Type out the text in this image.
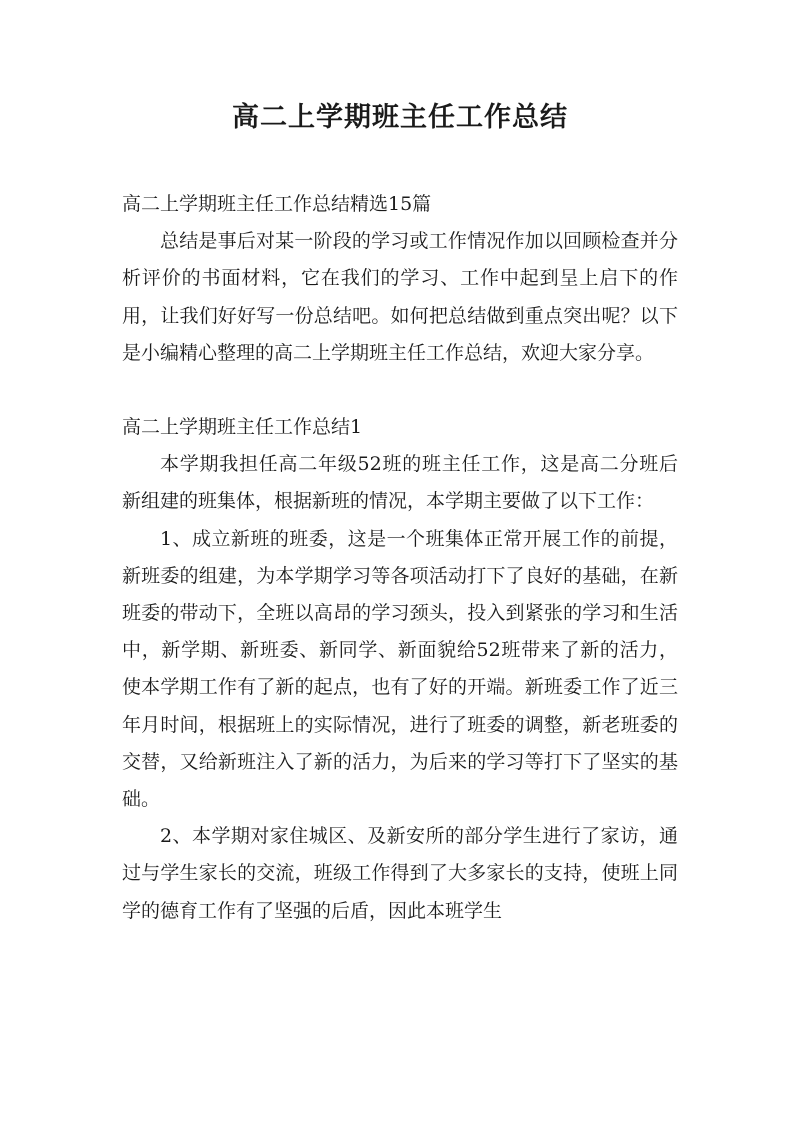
高二上学期班主任工作总结

高二上学期班主任工作总结精选15篇

总结是事后对某一阶段的学习或工作情况作加以回顾检查并分析评价的书面材料，它在我们的学习、工作中起到呈上启下的作用，让我们好好写一份总结吧。如何把总结做到重点突出呢？以下是小编精心整理的高二上学期班主任工作总结，欢迎大家分享。

高二上学期班主任工作总结1

本学期我担任高二年级52班的班主任工作，这是高二分班后新组建的班集体，根据新班的情况，本学期主要做了以下工作：

1、成立新班的班委，这是一个班集体正常开展工作的前提，新班委的组建，为本学期学习等各项活动打下了良好的基础，在新班委的带动下，全班以高昂的学习颈头，投入到紧张的学习和生活中，新学期、新班委、新同学、新面貌给52班带来了新的活力，使本学期工作有了新的起点，也有了好的开端。新班委工作了近三年月时间，根据班上的实际情况，进行了班委的调整，新老班委的交替，又给新班注入了新的活力，为后来的学习等打下了坚实的基础。

2、本学期对家住城区、及新安所的部分学生进行了家访，通过与学生家长的交流，班级工作得到了大多家长的支持，使班上同学的德育工作有了坚强的后盾，因此本班学生
